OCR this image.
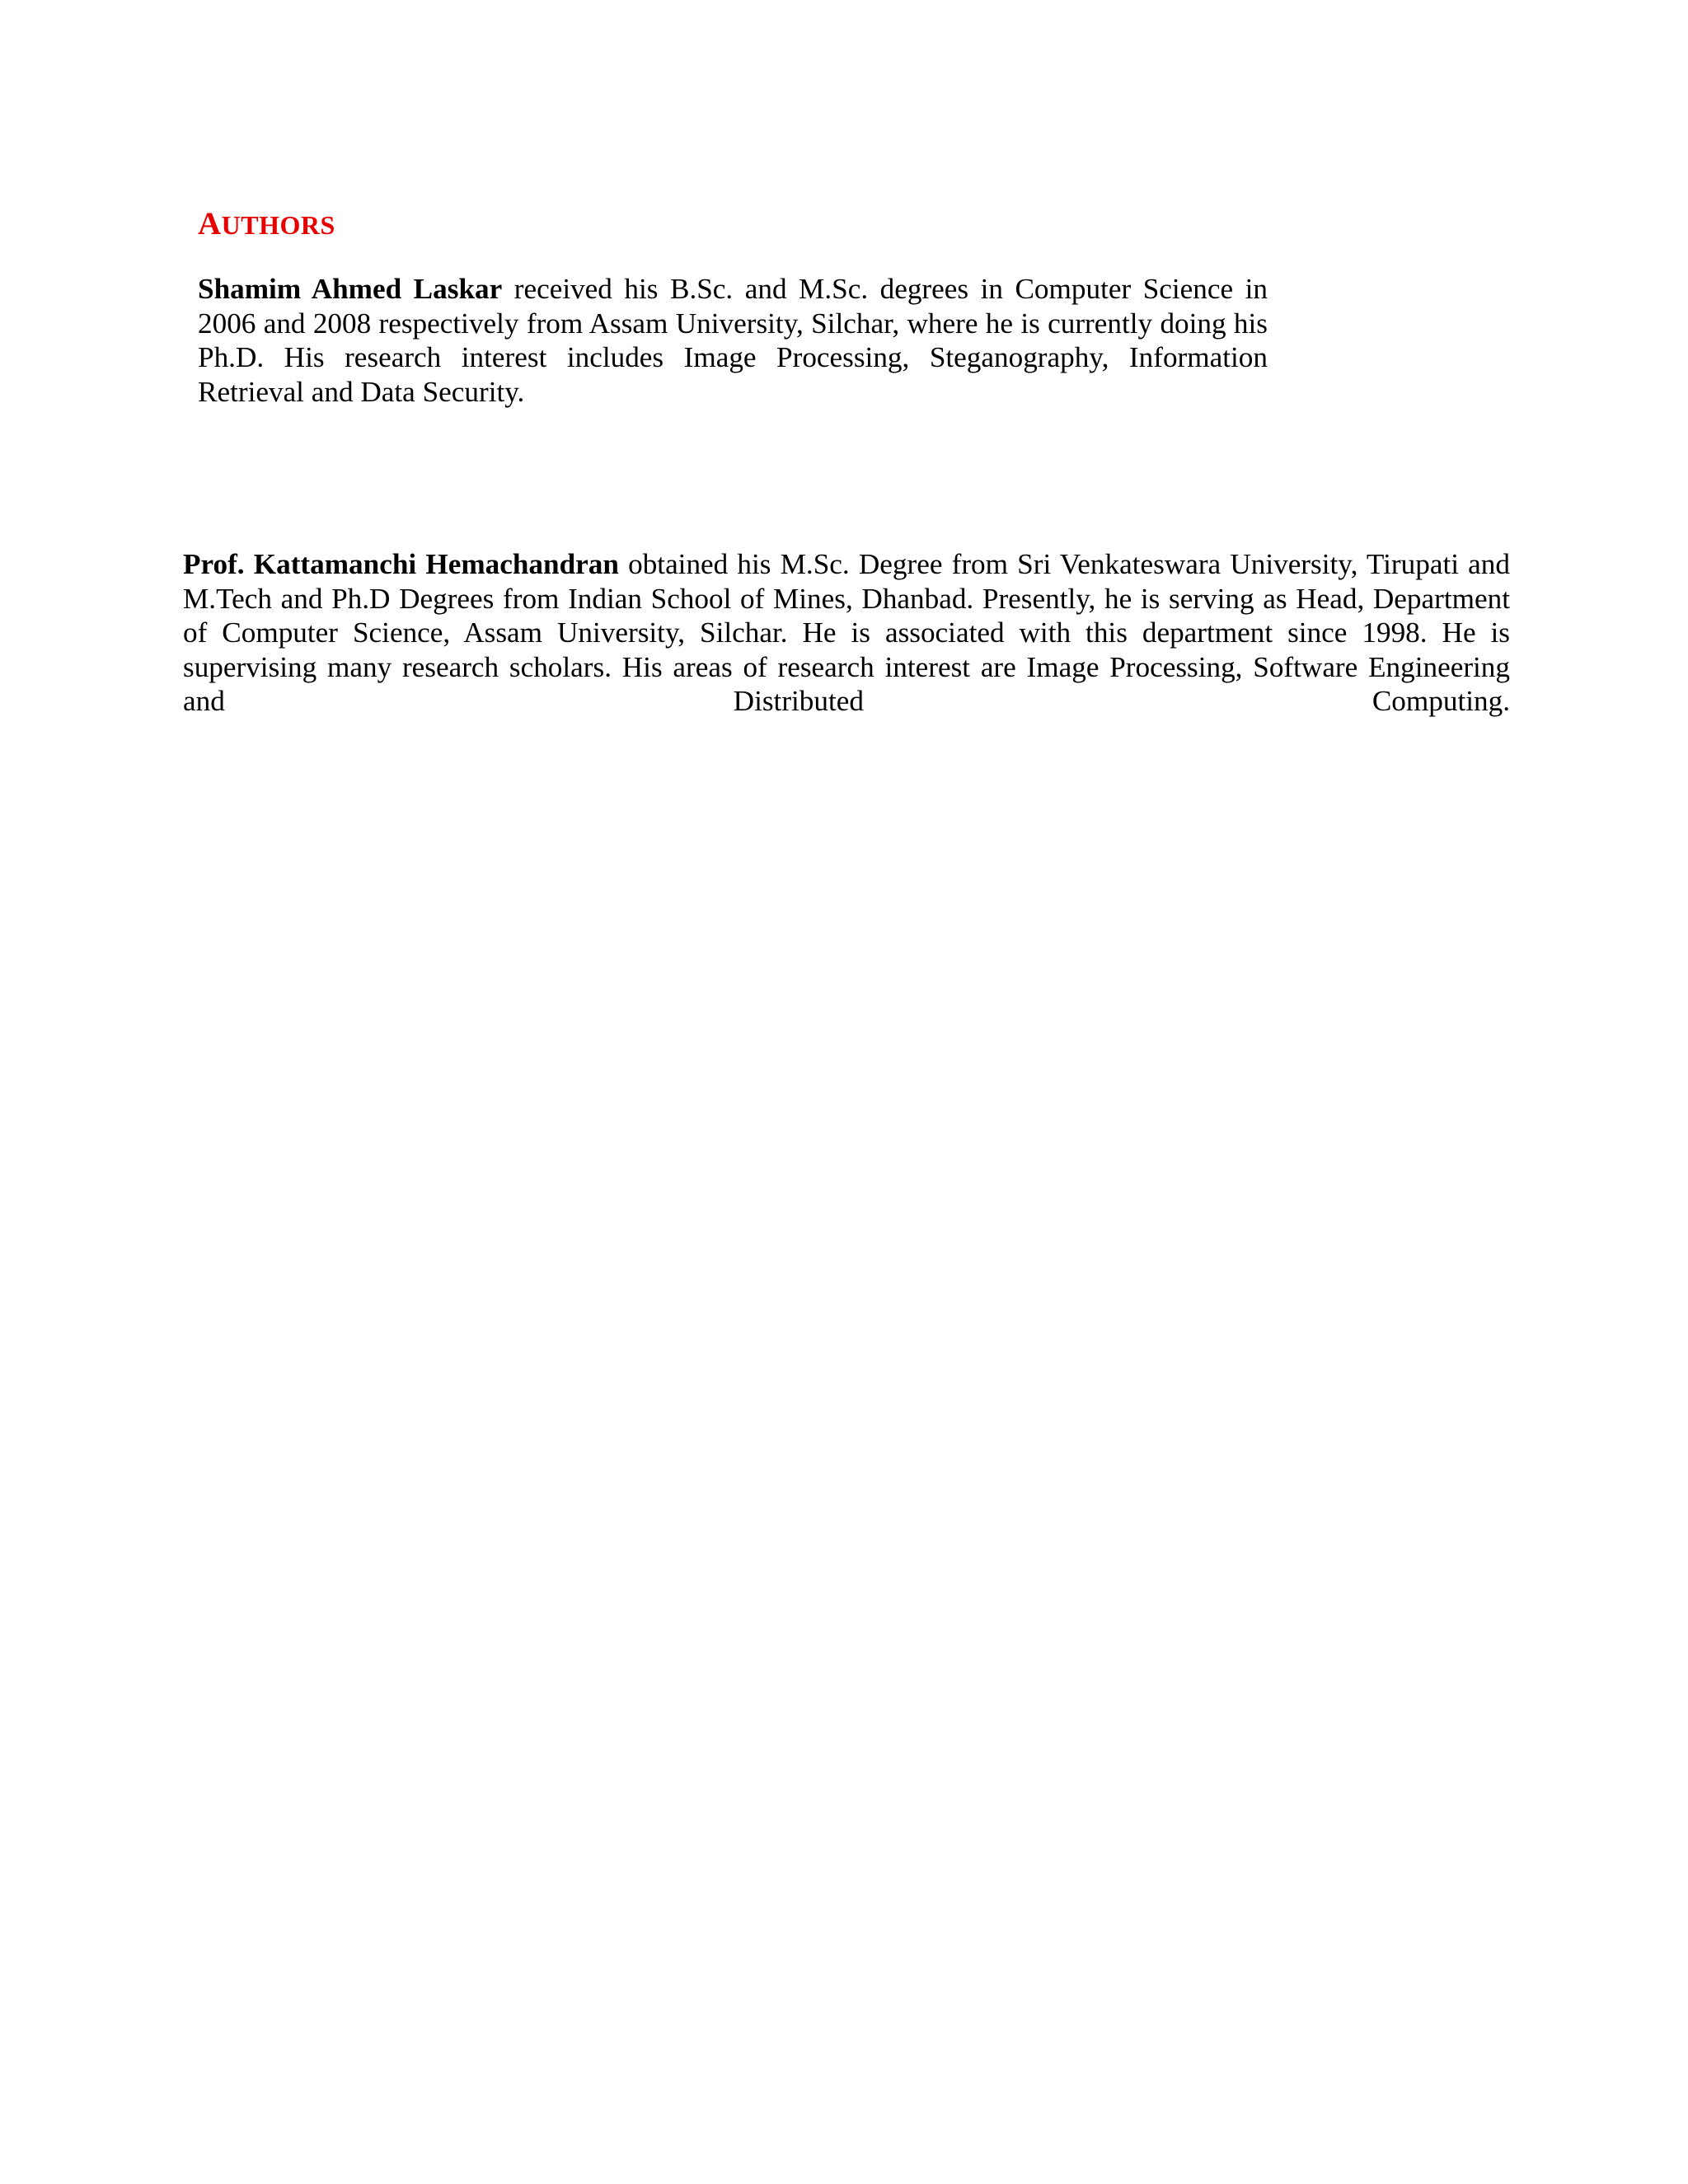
AUTHORS

Shamim Ahmed Laskar received his B.Sc. and M.Sc. degrees in Computer Science in 2006 and 2008 respectively from Assam University, Silchar, where he is currently doing his Ph.D. His research interest includes Image Processing, Steganography, Information Retrieval and Data Security.

Prof. Kattamanchi Hemachandran obtained his M.Sc. Degree from Sri Venkateswara University, Tirupati and M.Tech and Ph.D Degrees from Indian School of Mines, Dhanbad. Presently, he is serving as Head, Department of Computer Science, Assam University, Silchar. He is associated with this department since 1998. He is supervising many research scholars. His areas of research interest are Image Processing, Software Engineering and Distributed Computing.
